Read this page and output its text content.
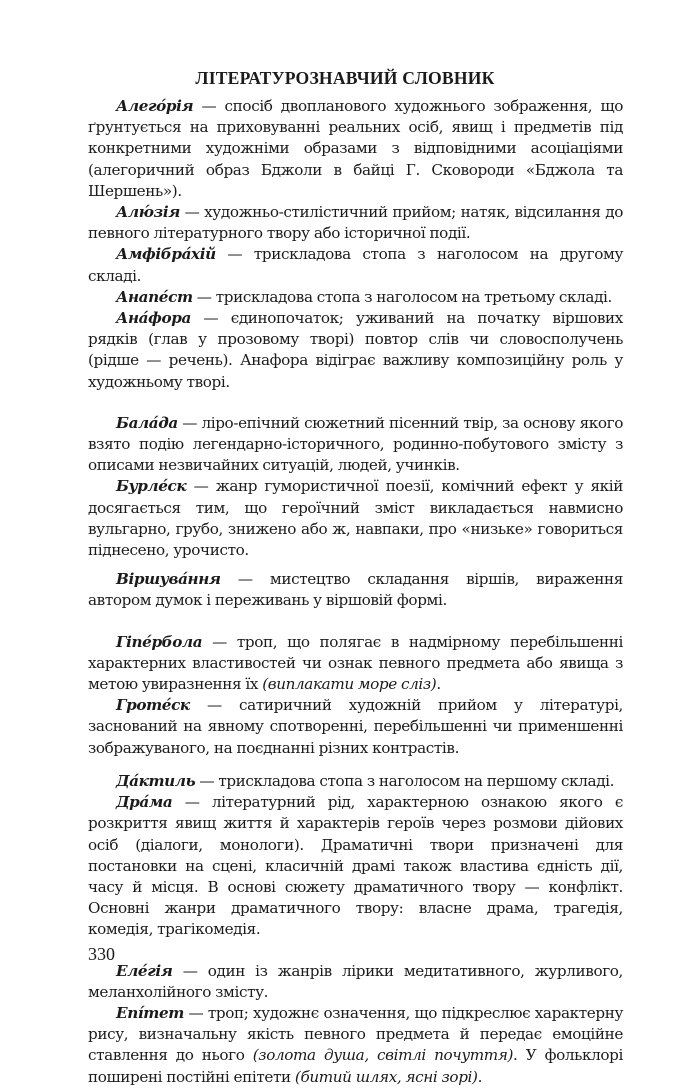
ЛІТЕРАТУРОЗНАВЧИЙ СЛОВНИК

Алего́рія — спосіб двопланового художнього зображення, що ґрунтується на приховуванні реальних осіб, явищ і предметів під конкретними художніми образами з відповідними асоціаціями (алегоричний образ Бджоли в байці Г. Сковороди «Бджола та Шершень»).

Алю́зія — художньо-стилістичний прийом; натяк, відсилання до певного літературного твору або історичної події.

Амфібра́хій — трискладова стопа з наголосом на другому складі.

Анапе́ст — трискладова стопа з наголосом на третьому складі.

Ана́фора — єдинопочаток; уживаний на початку віршових рядків (глав у прозовому творі) повтор слів чи словосполучень (рідше — речень). Анафора відіграє важливу композиційну роль у художньому творі.

Бала́да — ліро-епічний сюжетний пісенний твір, за основу якого взято подію легендарно-історичного, родинно-побутового змісту з описами незвичайних ситуацій, людей, учинків.

Бурле́ск — жанр гумористичної поезії, комічний ефект у якій досягається тим, що героїчний зміст викладається навмисно вульгарно, грубо, знижено або ж, навпаки, про «низьке» говориться піднесено, урочисто.

Віршува́ння — мистецтво складання віршів, вираження автором думок і переживань у віршовій формі.

Гіпе́рбола — троп, що полягає в надмірному перебільшенні характерних властивостей чи ознак певного предмета або явища з метою увиразнення їх (виплакати море сліз).

Гроте́ск — сатиричний художній прийом у літературі, заснований на явному спотворенні, перебільшенні чи применшенні зображуваного, на поєднанні різних контрастів.

Да́ктиль — трискладова стопа з наголосом на першому складі.

Дра́ма — літературний рід, характерною ознакою якого є розкриття явищ життя й характерів героїв через розмови дійових осіб (діалоги, монологи). Драматичні твори призначені для постановки на сцені, класичній драмі також властива єдність дії, часу й місця. В основі сюжету драматичного твору — конфлікт. Основні жанри драматичного твору: власне драма, трагедія, комедія, трагікомедія.

Еле́гія — один із жанрів лірики медитативного, журливого, меланхолійного змісту.

Епі́тет — троп; художнє означення, що підкреслює характерну рису, визначальну якість певного предмета й передає емоційне ставлення до нього (золота душа, світлі почуття). У фольклорі поширені постійні епітети (битий шлях, ясні зорі).

330
